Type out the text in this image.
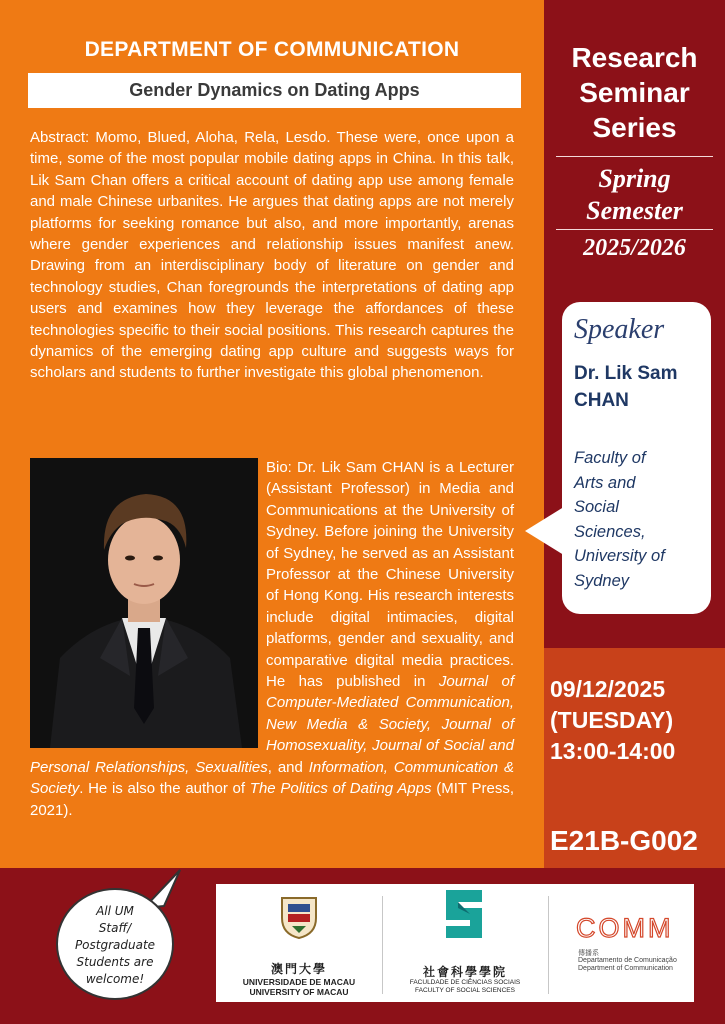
DEPARTMENT OF COMMUNICATION
Gender Dynamics on Dating Apps
Abstract: Momo, Blued, Aloha, Rela, Lesdo. These were, once upon a time, some of the most popular mobile dating apps in China. In this talk, Lik Sam Chan offers a critical account of dating app use among female and male Chinese urbanites. He argues that dating apps are not merely platforms for seeking romance but also, and more importantly, arenas where gender experiences and relationship issues manifest anew. Drawing from an interdisciplinary body of literature on gender and technology studies, Chan foregrounds the interpretations of dating app users and examines how they leverage the affordances of these technologies specific to their social positions. This research captures the dynamics of the emerging dating app culture and suggests ways for scholars and students to further investigate this global phenomenon.
Bio: Dr. Lik Sam CHAN is a Lecturer (Assistant Professor) in Media and Communications at the University of Sydney. Before joining the University of Sydney, he served as an Assistant Professor at the Chinese University of Hong Kong. His research interests include digital intimacies, digital platforms, gender and sexuality, and comparative digital media practices. He has published in Journal of Computer-Mediated Communication, New Media & Society, Journal of Homosexuality, Journal of Social and Personal Relationships, Sexualities, and Information, Communication & Society. He is also the author of The Politics of Dating Apps (MIT Press, 2021).
Research
Seminar
Series
Spring
Semester
2025/2026
09/12/2025
(TUESDAY)
13:00-14:00
E21B-G002
Speaker
Dr. Lik Sam
CHAN
Faculty of
Arts and
Social
Sciences,
University of
Sydney
All UM
Staff/
Postgraduate
Students are
welcome!
澳門大學
UNIVERSIDADE DE MACAU
UNIVERSITY OF MACAU
社會科學學院
FACULDADE DE CIÊNCIAS SOCIAIS
FACULTY OF SOCIAL SCIENCES
COMM
傳播系
Departamento de Comunicação
Department of Communication
